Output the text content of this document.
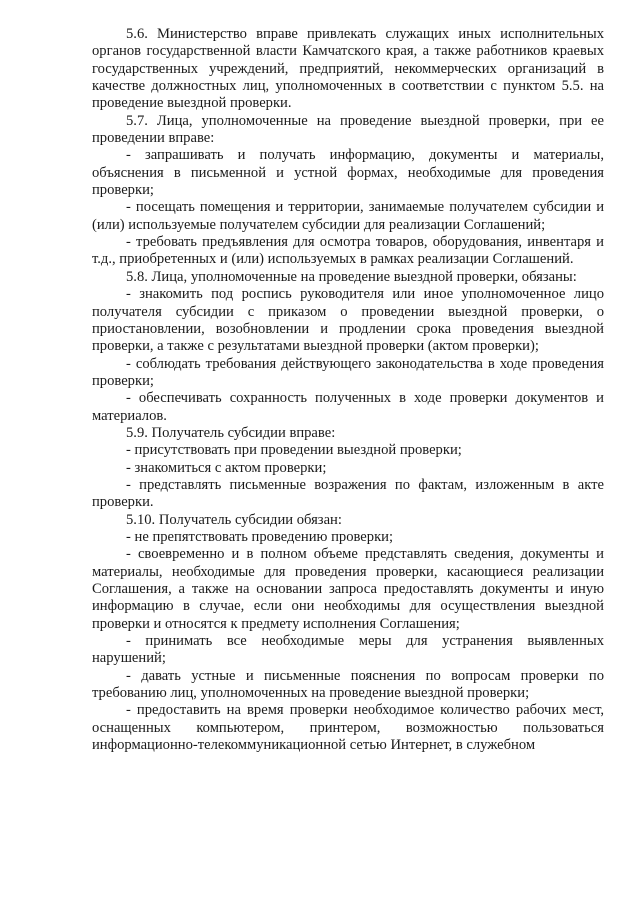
5.6. Министерство вправе привлекать служащих иных исполнительных органов государственной власти Камчатского края, а также работников краевых государственных учреждений, предприятий, некоммерческих организаций в качестве должностных лиц, уполномоченных в соответствии с пунктом 5.5. на проведение выездной проверки.

5.7. Лица, уполномоченные на проведение выездной проверки, при ее проведении вправе:

- запрашивать и получать информацию, документы и материалы, объяснения в письменной и устной формах, необходимые для проведения проверки;

- посещать помещения и территории, занимаемые получателем субсидии и (или) используемые получателем субсидии для реализации Соглашений;

- требовать предъявления для осмотра товаров, оборудования, инвентаря и т.д., приобретенных и (или) используемых в рамках реализации Соглашений.

5.8. Лица, уполномоченные на проведение выездной проверки, обязаны:

- знакомить под роспись руководителя или иное уполномоченное лицо получателя субсидии с приказом о проведении выездной проверки, о приостановлении, возобновлении и продлении срока проведения выездной проверки, а также с результатами выездной проверки (актом проверки);

- соблюдать требования действующего законодательства в ходе проведения проверки;

- обеспечивать сохранность полученных в ходе проверки документов и материалов.

5.9. Получатель субсидии вправе:

- присутствовать при проведении выездной проверки;

- знакомиться с актом проверки;

- представлять письменные возражения по фактам, изложенным в акте проверки.

5.10. Получатель субсидии обязан:

- не препятствовать проведению проверки;

- своевременно и в полном объеме представлять сведения, документы и материалы, необходимые для проведения проверки, касающиеся реализации Соглашения, а также на основании запроса предоставлять документы и иную информацию в случае, если они необходимы для осуществления выездной проверки и относятся к предмету исполнения Соглашения;

- принимать все необходимые меры для устранения выявленных нарушений;

- давать устные и письменные пояснения по вопросам проверки по требованию лиц, уполномоченных на проведение выездной проверки;

- предоставить на время проверки необходимое количество рабочих мест, оснащенных компьютером, принтером, возможностью пользоваться информационно-телекоммуникационной сетью Интернет, в служебном
